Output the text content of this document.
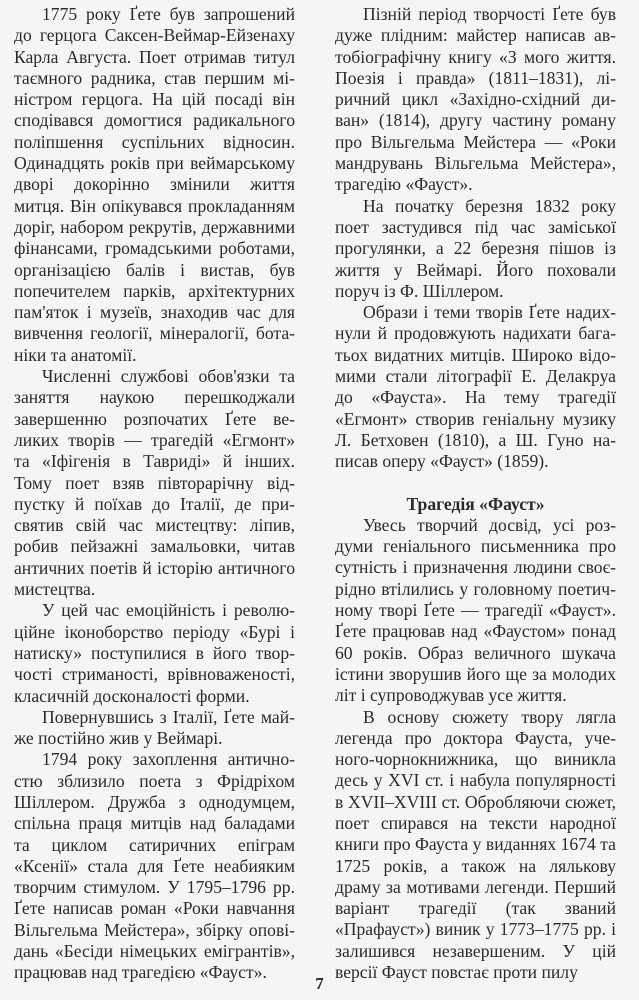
1775 року Ґете був запрошений до герцога Саксен-Веймар-Ейзенаху Карла Августа. Поет отримав титул таємного радника, став першим міністром герцога. На цій посаді він сподівався домогтися радикального поліпшення суспільних відносин. Одинадцять років при веймарському дворі докорінно змінили життя митця. Він опікувався прокладанням доріг, набором рекрутів, державними фінансами, громадськими роботами, організацією балів і вистав, був попечителем парків, архітектурних пам'яток і музеїв, знаходив час для вивчення геології, мінералогії, ботаніки та анатомії.

Численні службові обов'язки та заняття наукою перешкоджали завершенню розпочатих Ґете великих творів — трагедій «Егмонт» та «Іфігенія в Тавриді» й інших. Тому поет взяв півторарічну відпустку й поїхав до Італії, де присвятив свій час мистецтву: ліпив, робив пейзажні замальовки, читав античних поетів й історію античного мистецтва.

У цей час емоційність і революційне іконоборство періоду «Бурі і натиску» поступилися в його творчості стриманості, врівноваженості, класичній досконалості форми.

Повернувшись з Італії, Ґете майже постійно жив у Веймарі.

1794 року захоплення античностю зблизило поета з Фрідріхом Шіллером. Дружба з однодумцем, спільна праця митців над баладами та циклом сатиричних епіграм «Ксенії» стала для Ґете неабияким творчим стимулом. У 1795–1796 рр. Ґете написав роман «Роки навчання Вільгельма Мейстера», збірку оповідань «Бесіди німецьких емігрантів», працював над трагедією «Фауст».

Пізній період творчості Ґете був дуже плідним: майстер написав автобіографічну книгу «З мого життя. Поезія і правда» (1811–1831), ліричний цикл «Західно-східний диван» (1814), другу частину роману про Вільгельма Мейстера — «Роки мандрувань Вільгельма Мейстера», трагедію «Фауст».

На початку березня 1832 року поет застудився під час заміської прогулянки, а 22 березня пішов із життя у Веймарі. Його поховали поруч із Ф. Шіллером.

Образи і теми творів Ґете надихнули й продовжують надихати багатьох видатних митців. Широко відомими стали літографії Е. Делакруа до «Фауста». На тему трагедії «Егмонт» створив геніальну музику Л. Бетховен (1810), а Ш. Гуно написав оперу «Фауст» (1859).

Трагедія «Фауст»

Увесь творчий досвід, усі роздуми геніального письменника про сутність і призначення людини своєрідно втілились у головному поетичному творі Ґете — трагедії «Фауст». Ґете працював над «Фаустом» понад 60 років. Образ величного шукача істини зворушив його ще за молодих літ і супроводжував усе життя.

В основу сюжету твору лягла легенда про доктора Фауста, ученого-чорнокнижника, що виникла десь у XVI ст. і набула популярності в XVII–XVIII ст. Обробляючи сюжет, поет спирався на тексти народної книги про Фауста у виданнях 1674 та 1725 років, а також на лялькову драму за мотивами легенди. Перший варіант трагедії (так званий «Прафауст») виник у 1773–1775 рр. і залишився незавершеним. У цій версії Фауст повстає проти пилу

7
